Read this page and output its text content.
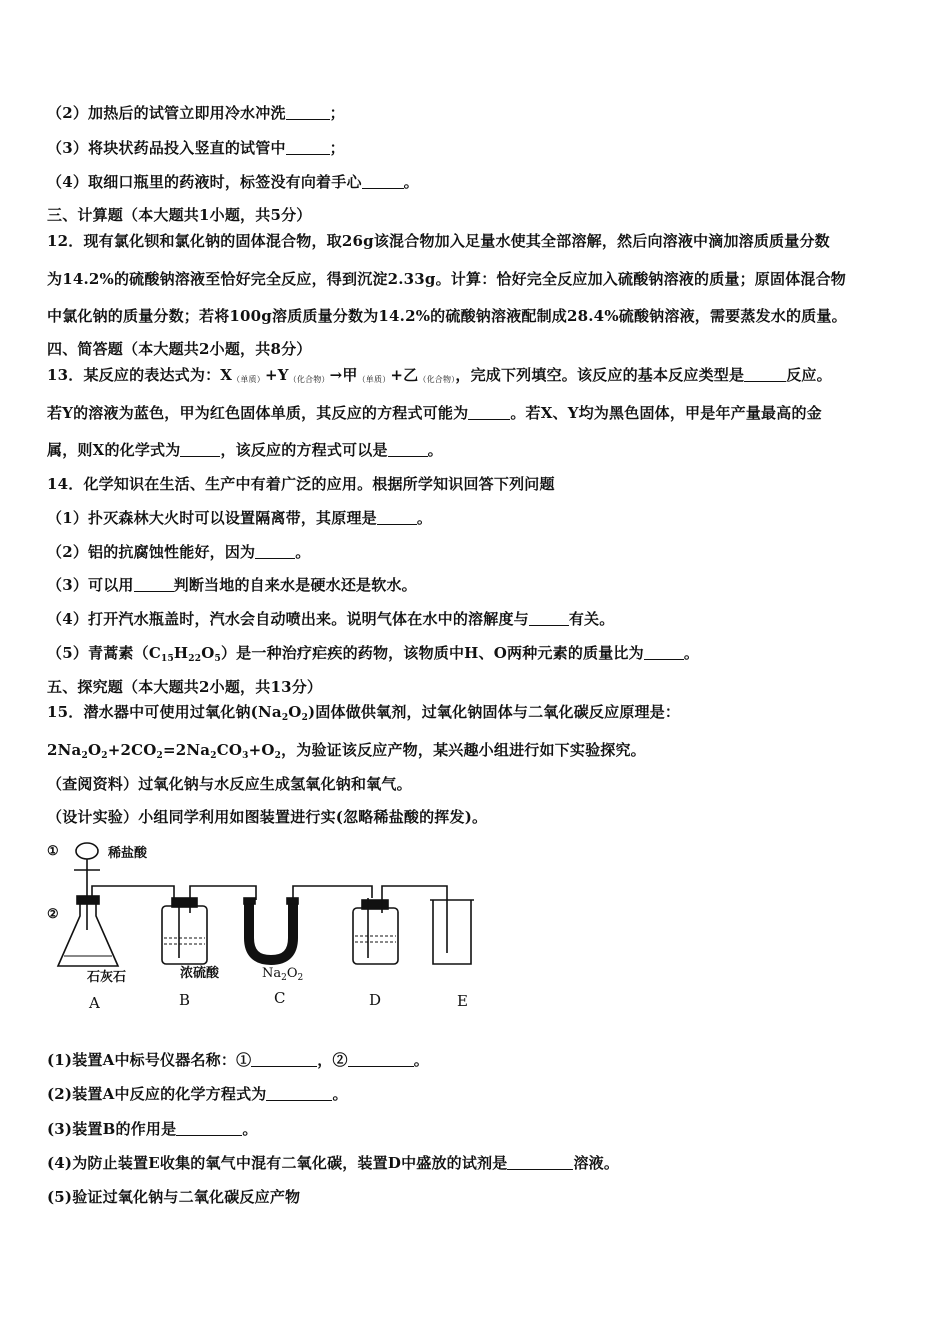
（2）加热后的试管立即用冷水冲洗	；
（3）将块状药品投入竖直的试管中	；
（4）取细口瓶里的药液时，标签没有向着手心	。
三、计算题（本大题共1小题，共5分）
12．现有氯化钡和氯化钠的固体混合物，取26g该混合物加入足量水使其全部溶解，然后向溶液中滴加溶质质量分数
为14.2%的硫酸钠溶液至恰好完全反应，得到沉淀2.33g。计算：恰好完全反应加入硫酸钠溶液的质量；原固体混合物
中氯化钠的质量分数；若将100g溶质质量分数为14.2%的硫酸钠溶液配制成28.4%硫酸钠溶液，需要蒸发水的质量。
四、简答题（本大题共2小题，共8分）
13．某反应的表达式为：X（单质）+Y（化合物）→甲（单质）+乙（化合物），完成下列填空。该反应的基本反应类型是	反应。
若Y的溶液为蓝色，甲为红色固体单质，其反应的方程式可能为	。若X、Y均为黑色固体，甲是年产量最高的金
属，则X的化学式为	，该反应的方程式可以是	。
14．化学知识在生活、生产中有着广泛的应用。根据所学知识回答下列问题
（1）扑灭森林大火时可以设置隔离带，其原理是	。
（2）铝的抗腐蚀性能好，因为	。
（3）可以用	判断当地的自来水是硬水还是软水。
（4）打开汽水瓶盖时，汽水会自动喷出来。说明气体在水中的溶解度与	有关。
（5）青蒿素$(C_{15}H_{22}O_5)$是一种治疗疟疾的药物，该物质中H、O两种元素的质量比为	。
五、探究题（本大题共2小题，共13分）
15．潜水器中可使用过氧化钠$(Na_2O_2)$固体做供氧剂，过氧化钠固体与二氧化碳反应原理是：
$2Na_2O_2+2CO_2=2Na_2CO_3+O_2$，为验证该反应产物，某兴趣小组进行如下实验探究。
（查阅资料）过氧化钠与水反应生成氢氧化钠和氧气。
（设计实验）小组同学利用如图装置进行实(忽略稀盐酸的挥发)。
①
②
稀盐酸
石灰石	浓硫酸	$Na_2O_2$
A	B	C	D	E
(1)装置A中标号仪器名称：①	，②	。
(2)装置A中反应的化学方程式为	。
(3)装置B的作用是	。
(4)为防止装置E收集的氧气中混有二氧化碳，装置D中盛放的试剂是	溶液。
(5)验证过氧化钠与二氧化碳反应产物
